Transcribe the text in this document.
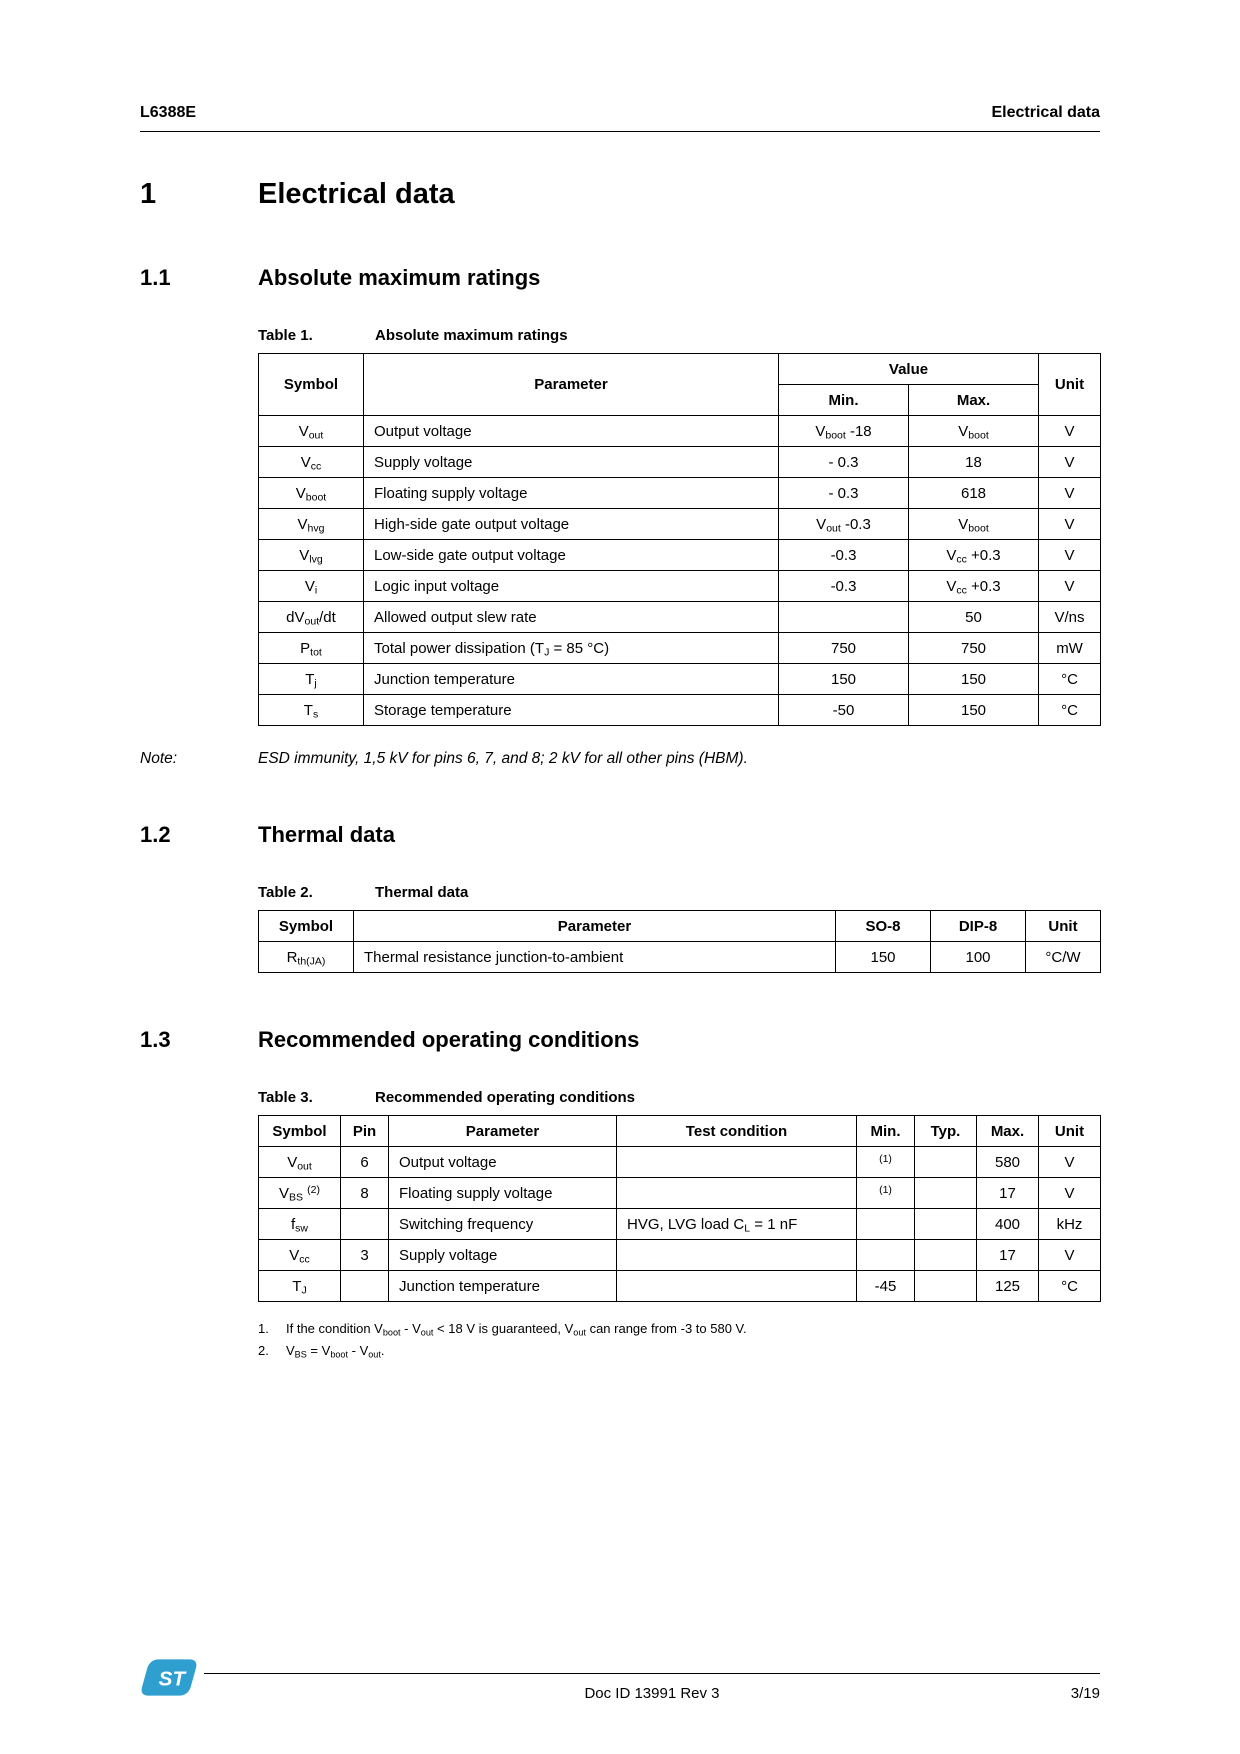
L6388E	Electrical data
1	Electrical data
1.1	Absolute maximum ratings
Table 1.	Absolute maximum ratings
Symbol	Parameter	Value		Unit
		Min.	Max.	
$V_{out}$	Output voltage	$V_{boot}$ -18	$V_{boot}$	V
$V_{cc}$	Supply voltage	- 0.3	18	V
$V_{boot}$	Floating supply voltage	- 0.3	618	V
$V_{hvg}$	High-side gate output voltage	$V_{out}$ -0.3	$V_{boot}$	V
$V_{lvg}$	Low-side gate output voltage	-0.3	$V_{cc} +0.3$	V
$V_i$	Logic input voltage	-0.3	$V_{cc} +0.3$	V
$dV_{out}/dt$	Allowed output slew rate		50	V/ns
$P_{tot}$	Total power dissipation ($T_J = 85$ °C)	750	750	mW
$T_j$	Junction temperature	150	150	°C
$T_s$	Storage temperature	-50	150	°C
Note:	ESD immunity, 1,5 kV for pins 6, 7, and 8; 2 kV for all other pins (HBM).
1.2	Thermal data
Table 2.	Thermal data
Symbol	Parameter	SO-8	DIP-8	Unit
$R_{th(JA)}$	Thermal resistance junction-to-ambient	150	100	°C/W
1.3	Recommended operating conditions
Table 3.	Recommended operating conditions
Symbol	Pin	Parameter	Test condition	Min.	Typ.	Max.	Unit
$V_{out}$	6	Output voltage		$^{(1)}$		580	V
$V_{BS}$ $^{(2)}$	8	Floating supply voltage		$^{(1)}$		17	V
$f_{sw}$		Switching frequency	HVG, LVG load $C_L = 1$ nF			400	kHz
$V_{cc}$	3	Supply voltage				17	V
$T_J$		Junction temperature		-45		125	°C
1.	If the condition $V_{boot} - V_{out} < 18$ V is guaranteed, $V_{out}$ can range from -3 to 580 V.
2.	$V_{BS} = V_{boot} - V_{out}$.
ST
Doc ID 13991 Rev 3	3/19
